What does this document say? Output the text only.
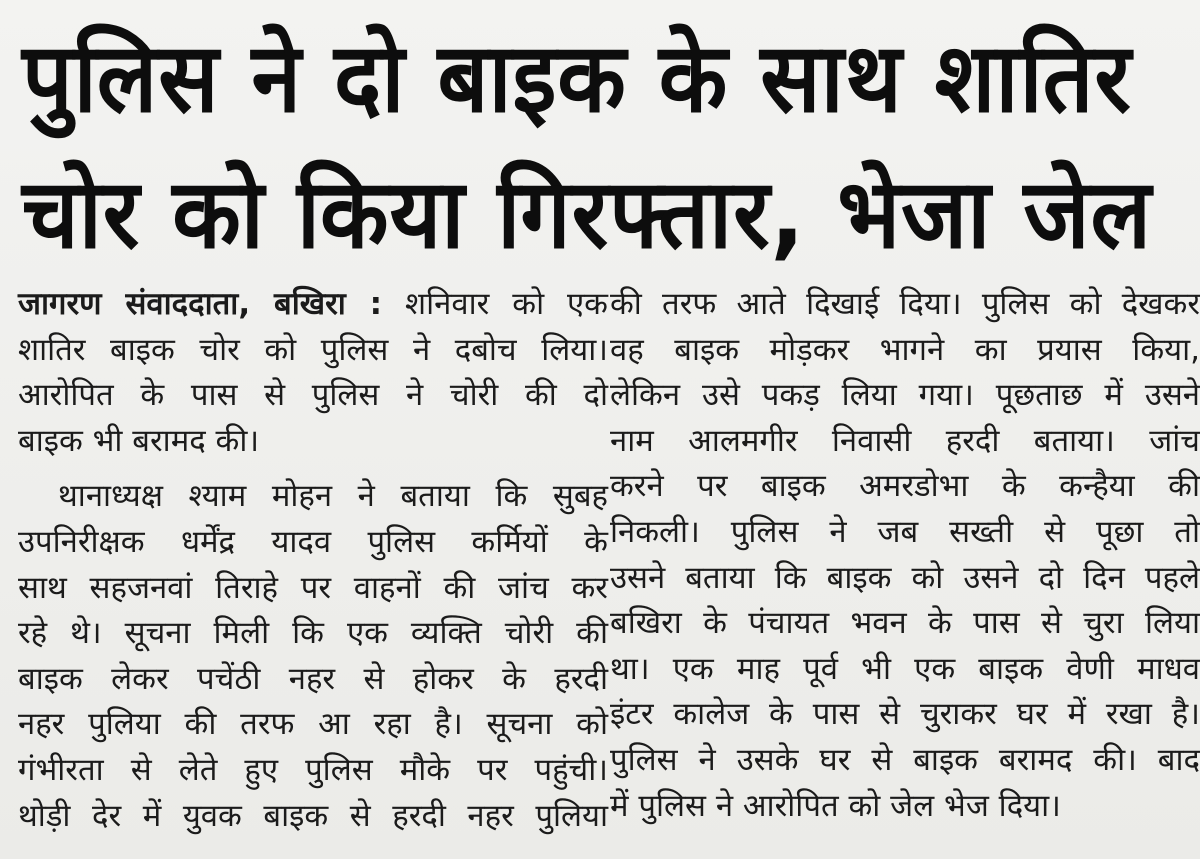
पुलिस ने दो बाइक के साथ शातिर
चोर को किया गिरफ्तार, भेजा जेल
जागरण संवाददाता, बखिरा : शनिवार को एक
शातिर बाइक चोर को पुलिस ने दबोच लिया।
आरोपित के पास से पुलिस ने चोरी की दो
बाइक भी बरामद की।
थानाध्यक्ष श्याम मोहन ने बताया कि सुबह
उपनिरीक्षक धर्मेंद्र यादव पुलिस कर्मियों के
साथ सहजनवां तिराहे पर वाहनों की जांच कर
रहे थे। सूचना मिली कि एक व्यक्ति चोरी की
बाइक लेकर पचेंठी नहर से होकर के हरदी
नहर पुलिया की तरफ आ रहा है। सूचना को
गंभीरता से लेते हुए पुलिस मौके पर पहुंची।
थोड़ी देर में युवक बाइक से हरदी नहर पुलिया
की तरफ आते दिखाई दिया। पुलिस को देखकर
वह बाइक मोड़कर भागने का प्रयास किया,
लेकिन उसे पकड़ लिया गया। पूछताछ में उसने
नाम आलमगीर निवासी हरदी बताया। जांच
करने पर बाइक अमरडोभा के कन्हैया की
निकली। पुलिस ने जब सख्ती से पूछा तो
उसने बताया कि बाइक को उसने दो दिन पहले
बखिरा के पंचायत भवन के पास से चुरा लिया
था। एक माह पूर्व भी एक बाइक वेणी माधव
इंटर कालेज के पास से चुराकर घर में रखा है।
पुलिस ने उसके घर से बाइक बरामद की। बाद
में पुलिस ने आरोपित को जेल भेज दिया।
